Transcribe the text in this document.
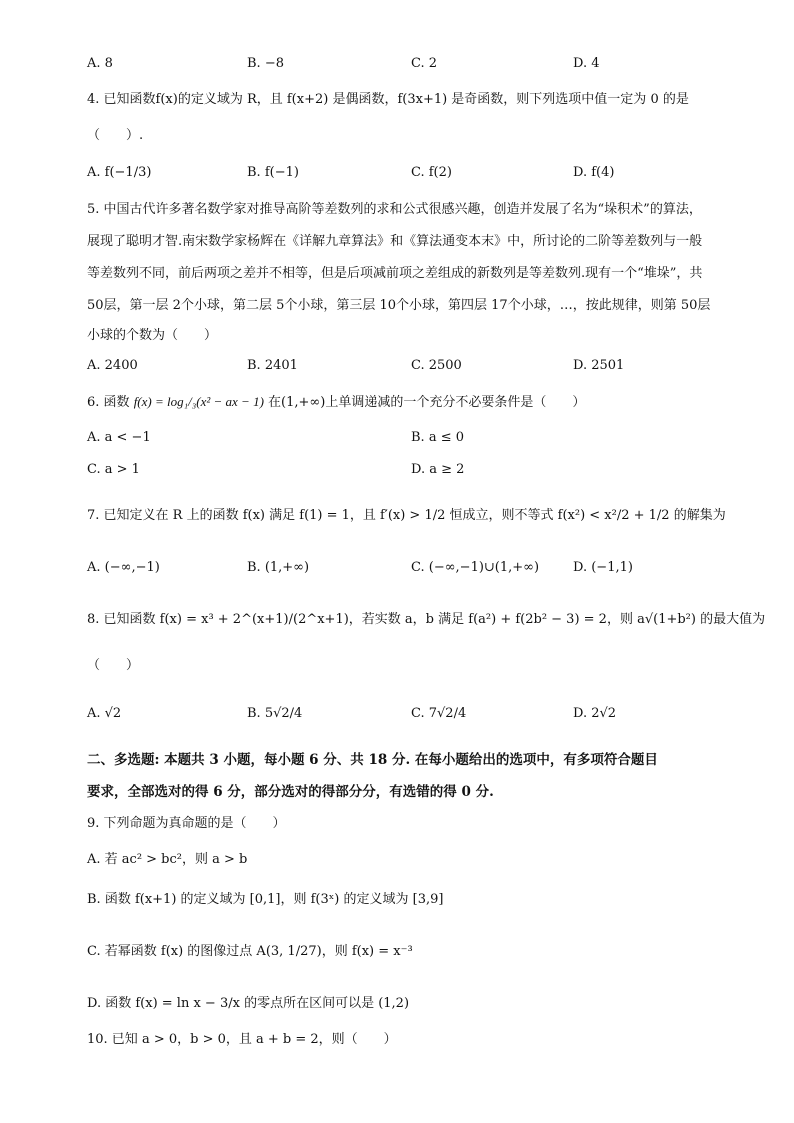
A. 8	B. −8	C. 2	D. 4
4. 已知函数f(x)的定义域为 R，且 f(x+2) 是偶函数，f(3x+1) 是奇函数，则下列选项中值一定为 0 的是
（　　）.
A. f(−1/3)	B. f(−1)	C. f(2)	D. f(4)
5. 中国古代许多著名数学家对推导高阶等差数列的求和公式很感兴趣，创造并发展了名为“垛积术”的算法，
展现了聪明才智.南宋数学家杨辉在《详解九章算法》和《算法通变本末》中，所讨论的二阶等差数列与一般
等差数列不同，前后两项之差并不相等，但是后项减前项之差组成的新数列是等差数列.现有一个“堆垛”，共
50层，第一层 2个小球，第二层 5个小球，第三层 10个小球，第四层 17个小球，…，按此规律，则第 50层
小球的个数为（　　）
A. 2400	B. 2401	C. 2500	D. 2501
6. 函数 f(x) = log₁/₃(x² − ax − 1) 在(1,+∞)上单调递减的一个充分不必要条件是（　　）
A. a < −1	B. a ≤ 0
C. a > 1	D. a ≥ 2
7. 已知定义在 R 上的函数 f(x) 满足 f(1) = 1，且 f′(x) > 1/2 恒成立，则不等式 f(x²) < x²/2 + 1/2 的解集为
A. (−∞,−1)	B. (1,+∞)	C. (−∞,−1)∪(1,+∞)	D. (−1,1)
8. 已知函数 f(x) = x³ + 2^(x+1)/(2^x+1)，若实数 a，b 满足 f(a²) + f(2b² − 3) = 2，则 a√(1+b²) 的最大值为
（　　）
A. √2	B. 5√2/4	C. 7√2/4	D. 2√2
二、多选题: 本题共 3 小题，每小题 6 分、共 18 分. 在每小题给出的选项中，有多项符合题目
要求，全部选对的得 6 分，部分选对的得部分分，有选错的得 0 分.
9. 下列命题为真命题的是（　　）
A. 若 ac² > bc²，则 a > b
B. 函数 f(x+1) 的定义域为 [0,1]，则 f(3ˣ) 的定义域为 [3,9]
C. 若幂函数 f(x) 的图像过点 A(3, 1/27)，则 f(x) = x⁻³
D. 函数 f(x) = ln x − 3/x 的零点所在区间可以是 (1,2)
10. 已知 a > 0，b > 0，且 a + b = 2，则（　　）
